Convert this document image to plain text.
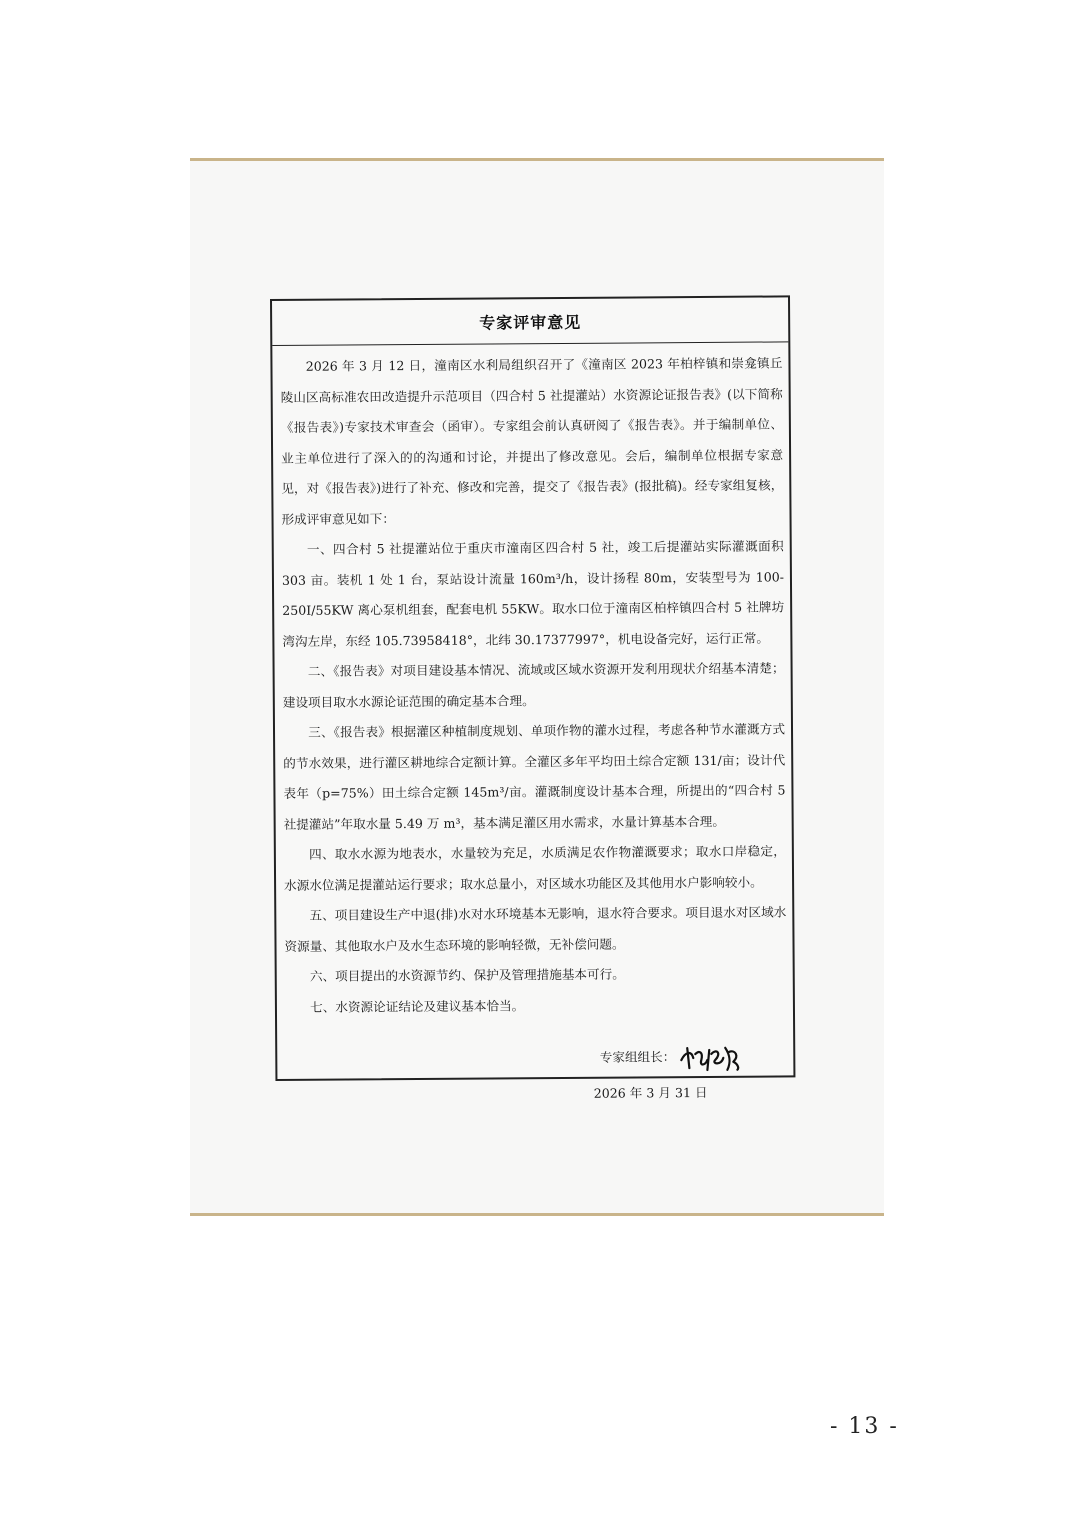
专家评审意见

2026 年 3 月 12 日，潼南区水利局组织召开了《潼南区 2023 年柏梓镇和崇龛镇丘陵山区高标准农田改造提升示范项目（四合村 5 社提灌站）水资源论证报告表》(以下简称《报告表》)专家技术审查会（函审）。专家组会前认真研阅了《报告表》。并于编制单位、业主单位进行了深入的的沟通和讨论，并提出了修改意见。会后，编制单位根据专家意见，对《报告表》)进行了补充、修改和完善，提交了《报告表》(报批稿)。经专家组复核，形成评审意见如下：

一、四合村 5 社提灌站位于重庆市潼南区四合村 5 社，竣工后提灌站实际灌溉面积 303 亩。装机 1 处 1 台，泵站设计流量 160m³/h，设计扬程 80m，安装型号为 100-250I/55KW 离心泵机组套，配套电机 55KW。取水口位于潼南区柏梓镇四合村 5 社牌坊湾沟左岸，东经 105.73958418°，北纬 30.17377997°，机电设备完好，运行正常。

二、《报告表》对项目建设基本情况、流域或区域水资源开发利用现状介绍基本清楚；建设项目取水水源论证范围的确定基本合理。

三、《报告表》根据灌区种植制度规划、单项作物的灌水过程，考虑各种节水灌溉方式的节水效果，进行灌区耕地综合定额计算。全灌区多年平均田土综合定额 131/亩；设计代表年（p=75%）田土综合定额 145m³/亩。灌溉制度设计基本合理，所提出的“四合村 5 社提灌站”年取水量 5.49 万 m³，基本满足灌区用水需求，水量计算基本合理。

四、取水水源为地表水，水量较为充足，水质满足农作物灌溉要求；取水口岸稳定，水源水位满足提灌站运行要求；取水总量小，对区域水功能区及其他用水户影响较小。

五、项目建设生产中退(排)水对水环境基本无影响，退水符合要求。项目退水对区域水资源量、其他取水户及水生态环境的影响轻微，无补偿问题。

六、项目提出的水资源节约、保护及管理措施基本可行。

七、水资源论证结论及建议基本恰当。

专家组组长：
2026 年 3 月 31 日
- 13 -
